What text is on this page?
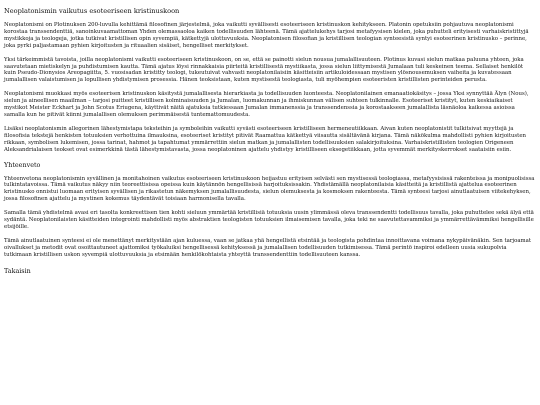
Neoplatonismin vaikutus esoteeriseen kristinuskoon

Neoplatonismi on Plotinuksen 200-luvulla kehittämä filosofinen järjestelmä, joka vaikutti syvällisesti esoteeriseen kristinuskon kehitykseen. Platonin opetuksiin pohjautuva neoplatonismi korostaa transsendenttiä, sanoinkuvaamattoman Yhden olemassaoloa kaiken todellisuuden lähteenä. Tämä ajattelukehys tarjosi metafyysisen kielen, joka puhutteli erityisesti varhaiskristittyjä mystikkoja ja teologeja, jotka tutkivat kristillisen opin syvempiä, kätkettyjä ulottuvuuksia. Neoplatonisen filosofian ja kristillisen teologian synteesistä syntyi esoteerinen kristinusko – perinne, joka pyrki paljastamaan pyhien kirjoitusten ja rituaalien sisäiset, hengelliset merkitykset.

Yksi tärkeimmistä tavoista, joilla neoplatonismi vaikutti esoteeriseen kristinuskoon, on se, että se painotti sielun nousua jumalallisuuteen. Plotinus kuvasi sielun matkaa paluuna yhteen, joka saavutetaan mietiskelyn ja puhdistumisen kautta. Tämä ajatus löysi rinnakkaisia piirteitä kristillisestä mystiikasta, jossa sielun liittymisestä Jumalaan tuli keskeinen teema. Sellaiset henkilöt kuin Pseudo-Dionysios Areopagiitta, 5. vuosisadan kristitty teologi, tukeutuivat vahvasti neoplatonilaisiin käsitteisiin artikuloidessaan mystisen ylösnousemuksen vaiheita ja kuvatessaan jumalallisen valaistumisen ja lopullisen yhdistymisen prosessia. Hänen teoksistaan, kuten mystisestä teologiasta, tuli myöhempien esoteeristen kristillisten perinteiden perusta.

Neoplatonismi muokkasi myös esoteerisen kristinuskon käsitystä jumalallisesta hierarkiasta ja todellisuuden luonteesta. Neoplatonilainen emanaatiokäsitys – jossa Yksi synnyttää Älyn (Nous), sielun ja aineellisen maailman – tarjosi puitteet kristillisen kolminaisuuden ja Jumalan, luomakunnan ja ihmiskunnan välisen suhteen tulkinnalle. Esoteeriset kristityt, kuten keskiaikaiset mystikot Meister Eckhart ja John Scotus Eriugena, käyttivät näitä ajatuksia tutkiessaan Jumalan immanenssia ja transsendenssia ja korostaakseen jumalallista läsnäoloa kaikessa asioissa samalla kun he pitivät kiinni jumalallisen olemuksen perimmäisestä tuntemattomuudesta.

Lisäksi neoplatonismin allegorinen lähestymistapa teksteihin ja symboleihin vaikutti syvästi esoteeriseen kristilliseen hermeneutiikkaan. Aivan kuten neoplatonistit tulkitsivat myyttejä ja filosofisia tekstejä henkisten totuuksien verhottuina ilmauksina, esoteeriset kristityt pitivät Raamattua kätkettyä viisautta sisältävänä kirjana. Tämä näkökulma mahdollisti pyhien kirjoitusten rikkaan, symbolisen lukemisen, jossa tarinat, hahmot ja tapahtumat ymmärrettiin sielun matkan ja jumalallisten todellisuuksien salakirjoituksina. Varhaiskristillisten teologien Origeneen Aleksandrialaisen teokset ovat esimerkkinä tästä lähestymistavasta, jossa neoplatoninen ajattelu yhdistyy kristilliseen eksegetiikkaan, jotta syvemmät merkityskerrokset saataisiin esiin.

Yhteenveto

Yhteenvetona neoplatonismin syvällinen ja monitahoinen vaikutus esoteeriseen kristinuskoon heijastuu erityisen selvästi sen mystisessä teologiassa, metafyysisissä rakenteissa ja monipuolisissa tulkintatavoissa. Tämä vaikutus näkyy niin teoreettisissa opeissa kuin käytännön hengellisissä harjoituksissakin. Yhdistämällä neoplatonilaisia käsitteitä ja kristillistä ajattelua esoteerinen kristinusko onnistui luomaan erityisen syvällisen ja rikastetun näkemyksen jumalallisuudesta, sielun olemuksesta ja kosmoksen rakenteesta. Tämä synteesi tarjosi ainutlaatuisen viitekehyksen, jossa filosofinen ajattelu ja mystinen kokemus täydentävät toisiaan harmonisella tavalla.

Samalla tämä yhdistelmä avasi eri tasolta konkreettisen tien kohti sieluun ymmärtää kristillisiä totuuksia uusin ylimmässä oleva transsendentti todellisuus tavalla, joka puhuttelee sekä älyä että sydäntä. Neoplatonilaisten käsitteiden integrointi mahdollisti myös abstraktien teologisten totuuksien ilmaisemisen tavalla, joka teki ne saavutettavammiksi ja ymmärrettävämmiksi hengellisille etsijöille.

Tämä ainutlaatuinen synteesi ei ole menettänyt merkitystään ajan kuluessa, vaan se jatkaa yhä hengellistä etsintää ja teologista pohdintaa innoittavana voimana nykypäivänäkin. Sen tarjoamat oivallukset ja metodit ovat osoittautuneet ajattomiksi työkaluiksi hengellisessä kehityksessä ja jumalallisen todellisuuden tutkimisessa. Tämä perintö inspiroi edelleen uusia sukupolvia tutkimaan kristillisen uskon syvempiä ulottuvuuksia ja etsimään henkilökohtaista yhteyttä transsendenttiin todellisuuteen kanssa.

Takaisin
